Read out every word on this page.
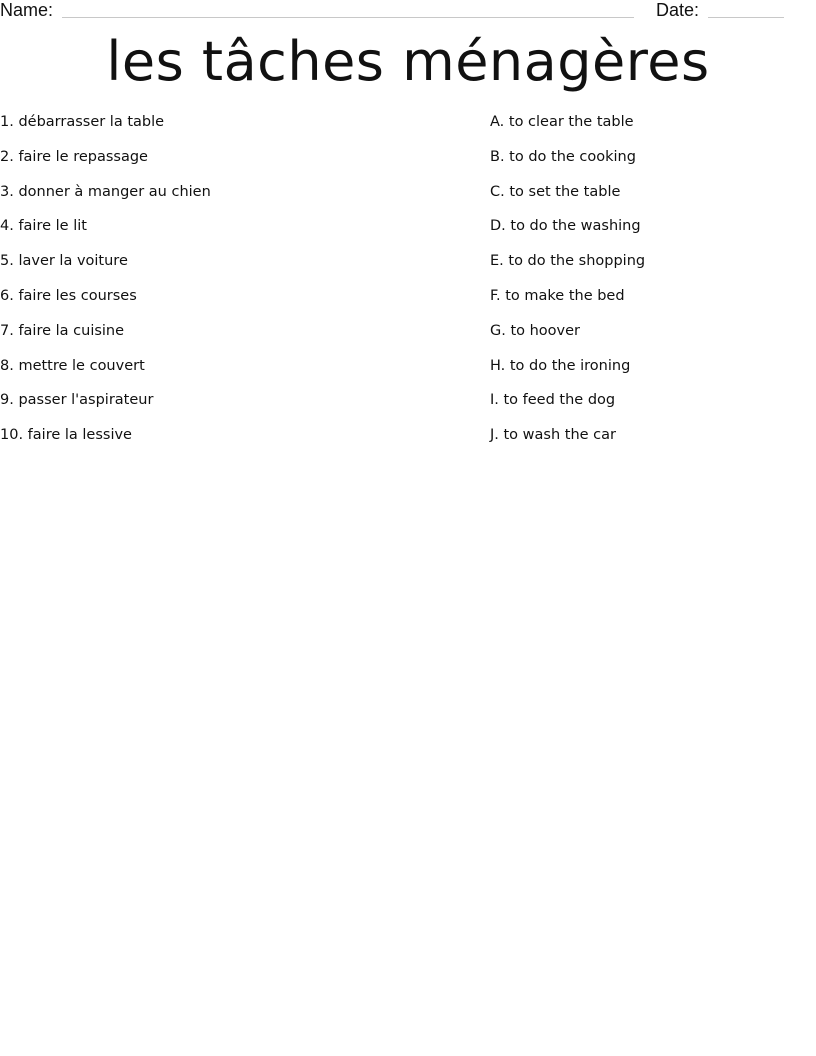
Name:	Date:
les tâches ménagères
1. débarrasser la table
2. faire le repassage
3. donner à manger au chien
4. faire le lit
5. laver la voiture
6. faire les courses
7. faire la cuisine
8. mettre le couvert
9. passer l'aspirateur
10. faire la lessive
A. to clear the table
B. to do the cooking
C. to set the table
D. to do the washing
E. to do the shopping
F. to make the bed
G. to hoover
H. to do the ironing
I. to feed the dog
J. to wash the car
